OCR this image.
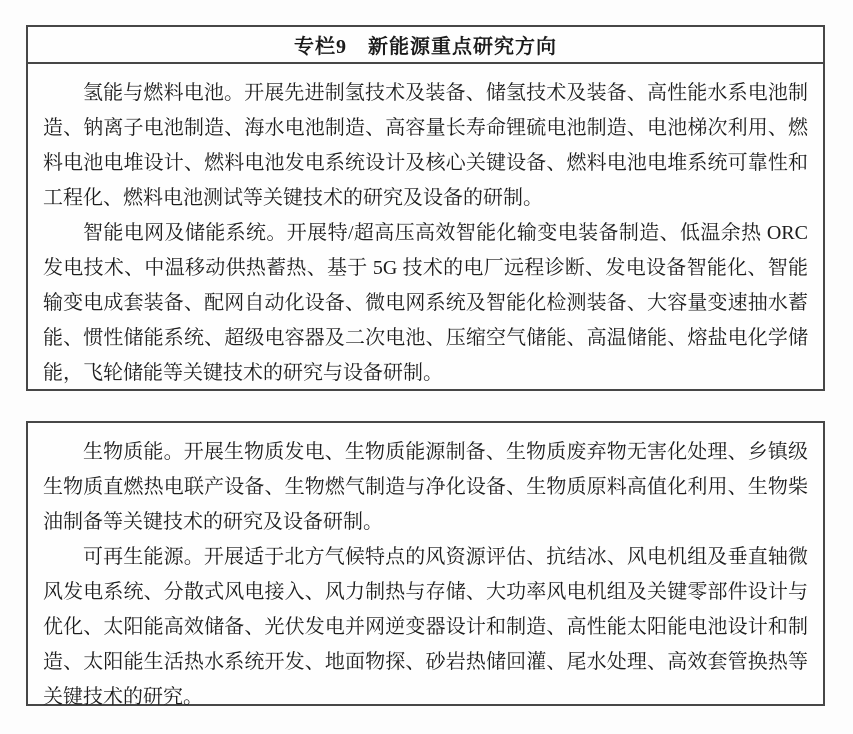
专栏9　新能源重点研究方向

氢能与燃料电池。开展先进制氢技术及装备、储氢技术及装备、高性能水系电池制造、钠离子电池制造、海水电池制造、高容量长寿命锂硫电池制造、电池梯次利用、燃料电池电堆设计、燃料电池发电系统设计及核心关键设备、燃料电池电堆系统可靠性和工程化、燃料电池测试等关键技术的研究及设备的研制。

智能电网及储能系统。开展特/超高压高效智能化输变电装备制造、低温余热 ORC 发电技术、中温移动供热蓄热、基于 5G 技术的电厂远程诊断、发电设备智能化、智能输变电成套装备、配网自动化设备、微电网系统及智能化检测装备、大容量变速抽水蓄能、惯性储能系统、超级电容器及二次电池、压缩空气储能、高温储能、熔盐电化学储能，飞轮储能等关键技术的研究与设备研制。

生物质能。开展生物质发电、生物质能源制备、生物质废弃物无害化处理、乡镇级生物质直燃热电联产设备、生物燃气制造与净化设备、生物质原料高值化利用、生物柴油制备等关键技术的研究及设备研制。

可再生能源。开展适于北方气候特点的风资源评估、抗结冰、风电机组及垂直轴微风发电系统、分散式风电接入、风力制热与存储、大功率风电机组及关键零部件设计与优化、太阳能高效储备、光伏发电并网逆变器设计和制造、高性能太阳能电池设计和制造、太阳能生活热水系统开发、地面物探、砂岩热储回灌、尾水处理、高效套管换热等关键技术的研究。
